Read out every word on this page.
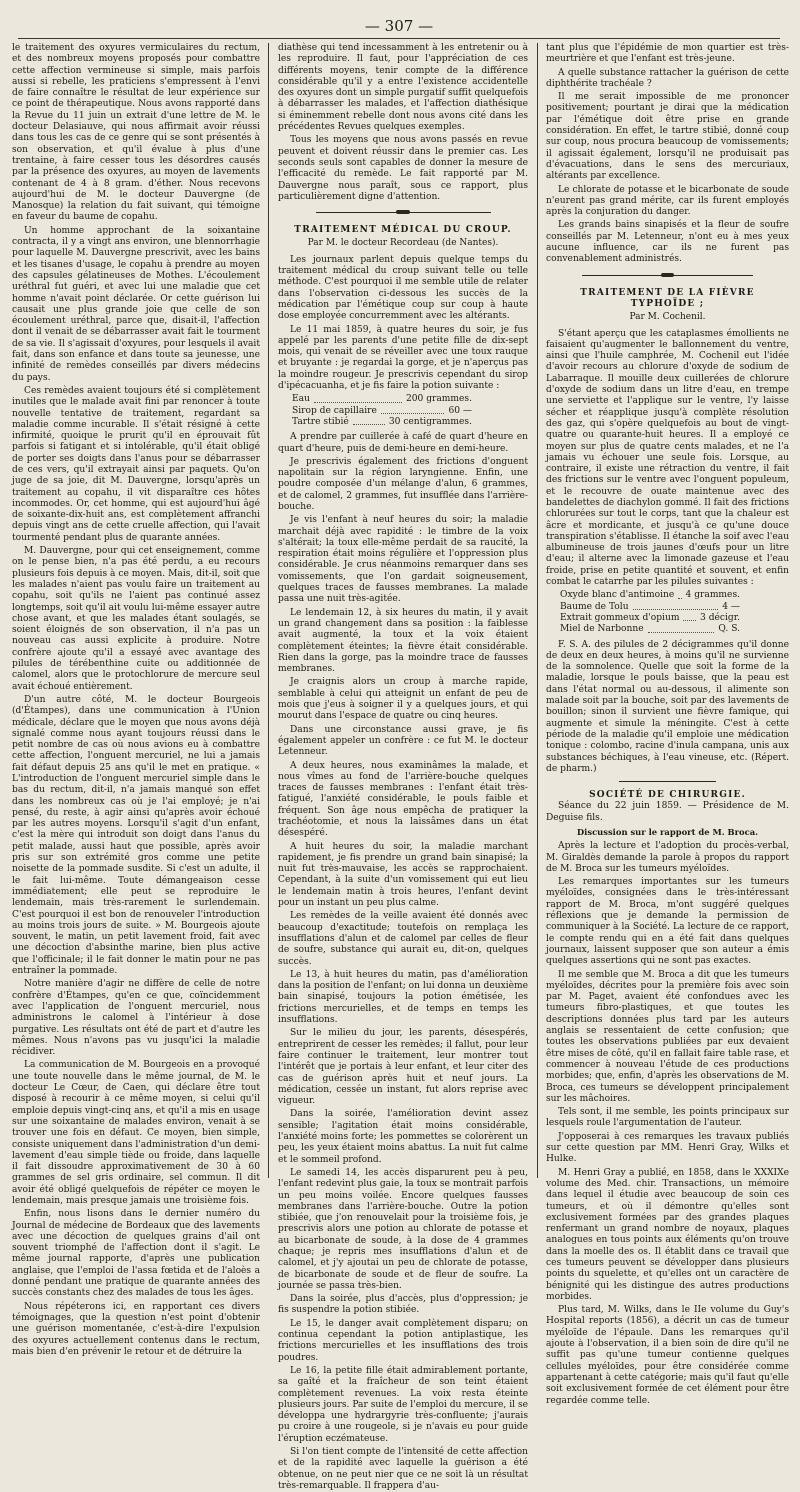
— 307 —

le traitement des oxyures vermiculaires du rectum, et des nombreux moyens proposés pour combattre cette affection vermineuse si simple, mais parfois aussi si rebelle, les praticiens s'empressent à l'envi de faire connaître le résultat de leur expérience sur ce point de thérapeutique. Nous avons rapporté dans la Revue du 11 juin un extrait d'une lettre de M. le docteur Delasiauve, qui nous affirmait avoir réussi dans tous les cas de ce genre qui se sont présentés à son observation, et qu'il évalue à plus d'une trentaine, à faire cesser tous les désordres causés par la présence des oxyures, au moyen de lavements contenant de 4 à 8 gram. d'éther. Nous recevons aujourd'hui de M. le docteur Dauvergne (de Manosque) la relation du fait suivant, qui témoigne en faveur du baume de copahu.

Un homme approchant de la soixantaine contracta, il y a vingt ans environ, une blennorrhagie pour laquelle M. Dauvergne prescrivit, avec les bains et les tisanes d'usage, le copahu à prendre au moyen des capsules gélatineuses de Mothes. L'écoulement uréthral fut guéri, et avec lui une maladie que cet homme n'avait point déclarée. Or cette guérison lui causait une plus grande joie que celle de son écoulement uréthral, parce que, disait-il, l'affection dont il venait de se débarrasser avait fait le tourment de sa vie. Il s'agissait d'oxyures, pour lesquels il avait fait, dans son enfance et dans toute sa jeunesse, une infinité de remèdes conseillés par divers médecins du pays.

Ces remèdes avaient toujours été si complètement inutiles que le malade avait fini par renoncer à toute nouvelle tentative de traitement, regardant sa maladie comme incurable. Il s'était résigné à cette infirmité, quoique le prurit qu'il en éprouvait fût parfois si fatigant et si intolérable, qu'il était obligé de porter ses doigts dans l'anus pour se débarrasser de ces vers, qu'il extrayait ainsi par paquets. Qu'on juge de sa joie, dit M. Dauvergne, lorsqu'après un traitement au copahu, il vit disparaître ces hôtes incommodes. Or, cet homme, qui est aujourd'hui âgé de soixante-dix-huit ans, est complètement affranchi depuis vingt ans de cette cruelle affection, qui l'avait tourmenté pendant plus de quarante années.

M. Dauvergne, pour qui cet enseignement, comme on le pense bien, n'a pas été perdu, a eu recours plusieurs fois depuis à ce moyen. Mais, dit-il, soit que les malades n'aient pas voulu faire un traitement au copahu, soit qu'ils ne l'aient pas continué assez longtemps, soit qu'il ait voulu lui-même essayer autre chose avant, et que les malades étant soulagés, se soient éloignés de son observation, il n'a pas un nouveau cas aussi explicite à produire. Notre confrère ajoute qu'il a essayé avec avantage des pilules de térébenthine cuite ou additionnée de calomel, alors que le protochlorure de mercure seul avait échoué entièrement.

D'un autre côté, M. le docteur Bourgeois (d'Étampes), dans une communication à l'Union médicale, déclare que le moyen que nous avons déjà signalé comme nous ayant toujours réussi dans le petit nombre de cas où nous avions eu à combattre cette affection, l'onguent mercuriel, ne lui a jamais fait défaut depuis 25 ans qu'il le met en pratique. « L'introduction de l'onguent mercuriel simple dans le bas du rectum, dit-il, n'a jamais manqué son effet dans les nombreux cas où je l'ai employé; je n'ai pensé, du reste, à agir ainsi qu'après avoir échoué par les autres moyens. Lorsqu'il s'agit d'un enfant, c'est la mère qui introduit son doigt dans l'anus du petit malade, aussi haut que possible, après avoir pris sur son extrémité gros comme une petite noisette de la pommade susdite. Si c'est un adulte, il le fait lui-même. Toute démangeaison cesse immédiatement; elle peut se reproduire le lendemain, mais très-rarement le surlendemain. C'est pourquoi il est bon de renouveler l'introduction au moins trois jours de suite. » M. Bourgeois ajoute souvent, le matin, un petit lavement froid, fait avec une décoction d'absinthe marine, bien plus active que l'officinale; il le fait donner le matin pour ne pas entraîner la pommade.

Notre manière d'agir ne diffère de celle de notre confrère d'Étampes, qu'en ce que, coïncidemment avec l'application de l'onguent mercuriel, nous administrons le calomel à l'intérieur à dose purgative. Les résultats ont été de part et d'autre les mêmes. Nous n'avons pas vu jusqu'ici la maladie récidiver.

La communication de M. Bourgeois en a provoqué une toute nouvelle dans le même journal, de M. le docteur Le Cœur, de Caen, qui déclare être tout disposé à recourir à ce même moyen, si celui qu'il emploie depuis vingt-cinq ans, et qu'il a mis en usage sur une soixantaine de malades environ, venait à se trouver une fois en défaut. Ce moyen, bien simple, consiste uniquement dans l'administration d'un demi-lavement d'eau simple tiède ou froide, dans laquelle il fait dissoudre approximativement de 30 à 60 grammes de sel gris ordinaire, sel commun. Il dit avoir été obligé quelquefois de répéter ce moyen le lendemain, mais presque jamais une troisième fois.

Enfin, nous lisons dans le dernier numéro du Journal de médecine de Bordeaux que des lavements avec une décoction de quelques grains d'ail ont souvent triomphé de l'affection dont il s'agit. Le même journal rapporte, d'après une publication anglaise, que l'emploi de l'assa fœtida et de l'aloès a donné pendant une pratique de quarante années des succès constants chez des malades de tous les âges.

Nous répéterons ici, en rapportant ces divers témoignages, que la question n'est point d'obtenir une guérison momentanée, c'est-à-dire l'expulsion des oxyures actuellement contenus dans le rectum, mais bien d'en prévenir le retour et de détruire la

diathèse qui tend incessamment à les entretenir ou à les reproduire. Il faut, pour l'appréciation de ces différents moyens, tenir compte de la différence considérable qu'il y a entre l'existence accidentelle des oxyures dont un simple purgatif suffit quelquefois à débarrasser les malades, et l'affection diathésique si éminemment rebelle dont nous avons cité dans les précédentes Revues quelques exemples.

Tous les moyens que nous avons passés en revue peuvent et doivent réussir dans le premier cas. Les seconds seuls sont capables de donner la mesure de l'efficacité du remède. Le fait rapporté par M. Dauvergne nous paraît, sous ce rapport, plus particulièrement digne d'attention.

TRAITEMENT MÉDICAL DU CROUP.
Par M. le docteur Recordeau (de Nantes).

Les journaux parlent depuis quelque temps du traitement médical du croup suivant telle ou telle méthode. C'est pourquoi il me semble utile de relater dans l'observation ci-dessous les succès de la médication par l'émétique coup sur coup à haute dose employée concurremment avec les altérants.

Le 11 mai 1859, à quatre heures du soir, je fus appelé par les parents d'une petite fille de dix-sept mois, qui venait de se réveiller avec une toux rauque et bruyante : je regardai la gorge, et je n'aperçus pas la moindre rougeur. Je prescrivis cependant du sirop d'ipécacuanha, et je fis faire la potion suivante :

Eau	200 grammes.
Sirop de capillaire	60 —
Tartre stibié	30 centigrammes.

A prendre par cuillerée à café de quart d'heure en quart d'heure, puis de demi-heure en demi-heure.

Je prescrivis également des frictions d'onguent napolitain sur la région laryngienne. Enfin, une poudre composée d'un mélange d'alun, 6 grammes, et de calomel, 2 grammes, fut insufflée dans l'arrière-bouche.

Je vis l'enfant à neuf heures du soir; la maladie marchait déjà avec rapidité : le timbre de la voix s'altérait; la toux elle-même perdait de sa raucité, la respiration était moins régulière et l'oppression plus considérable. Je crus néanmoins remarquer dans ses vomissements, que l'on gardait soigneusement, quelques traces de fausses membranes. La malade passa une nuit très-agitée.

Le lendemain 12, à six heures du matin, il y avait un grand changement dans sa position : la faiblesse avait augmenté, la toux et la voix étaient complètement éteintes; la fièvre était considérable. Rien dans la gorge, pas la moindre trace de fausses membranes.

Je craignis alors un croup à marche rapide, semblable à celui qui atteignit un enfant de peu de mois que j'eus à soigner il y a quelques jours, et qui mourut dans l'espace de quatre ou cinq heures.

Dans une circonstance aussi grave, je fis également appeler un confrère : ce fut M. le docteur Letenneur.

A deux heures, nous examinâmes la malade, et nous vîmes au fond de l'arrière-bouche quelques traces de fausses membranes : l'enfant était très-fatigué, l'anxiété considérable, le pouls faible et fréquent. Son âge nous empêcha de pratiquer la trachéotomie, et nous la laissâmes dans un état désespéré.

A huit heures du soir, la maladie marchant rapidement, je fis prendre un grand bain sinapisé; la nuit fut très-mauvaise, les accès se rapprochaient. Cependant, à la suite d'un vomissement qui eut lieu le lendemain matin à trois heures, l'enfant devint pour un instant un peu plus calme.

Les remèdes de la veille avaient été donnés avec beaucoup d'exactitude; toutefois on remplaça les insufflations d'alun et de calomel par celles de fleur de soufre, substance qui aurait eu, dit-on, quelques succès.

Le 13, à huit heures du matin, pas d'amélioration dans la position de l'enfant; on lui donna un deuxième bain sinapisé, toujours la potion émétisée, les frictions mercurielles, et de temps en temps les insufflations.

Sur le milieu du jour, les parents, désespérés, entreprirent de cesser les remèdes; il fallut, pour leur faire continuer le traitement, leur montrer tout l'intérêt que je portais à leur enfant, et leur citer des cas de guérison après huit et neuf jours. La médication, cessée un instant, fut alors reprise avec vigueur.

Dans la soirée, l'amélioration devint assez sensible; l'agitation était moins considérable, l'anxiété moins forte; les pommettes se colorèrent un peu, les yeux étaient moins abattus. La nuit fut calme et le sommeil profond.

Le samedi 14, les accès disparurent peu à peu, l'enfant redevint plus gaie, la toux se montrait parfois un peu moins voilée. Encore quelques fausses membranes dans l'arrière-bouche. Outre la potion stibiée, que j'on renouvelait pour la troisième fois, je prescrivis alors une potion au chlorate de potasse et au bicarbonate de soude, à la dose de 4 grammes chaque; je repris mes insufflations d'alun et de calomel, et j'y ajoutai un peu de chlorate de potasse, de bicarbonate de soude et de fleur de soufre. La journée se passa très-bien.

Dans la soirée, plus d'accès, plus d'oppression; je fis suspendre la potion stibiée.

Le 15, le danger avait complètement disparu; on continua cependant la potion antiplastique, les frictions mercurielles et les insufflations des trois poudres.

Le 16, la petite fille était admirablement portante, sa gaîté et la fraîcheur de son teint étaient complètement revenues. La voix resta éteinte plusieurs jours. Par suite de l'emploi du mercure, il se développa une hydrargyrie très-confluente; j'aurais pu croire à une rougeole, si je n'avais eu pour guide l'éruption eczémateuse.

Si l'on tient compte de l'intensité de cette affection et de la rapidité avec laquelle la guérison a été obtenue, on ne peut nier que ce ne soit là un résultat très-remarquable. Il frappera d'au-

tant plus que l'épidémie de mon quartier est très-meurtrière et que l'enfant est très-jeune.

A quelle substance rattacher la guérison de cette diphthérite trachéale ?

Il me serait impossible de me prononcer positivement; pourtant je dirai que la médication par l'émétique doit être prise en grande considération. En effet, le tartre stibié, donné coup sur coup, nous procura beaucoup de vomissements; il agissait également, lorsqu'il ne produisait pas d'évacuations, dans le sens des mercuriaux, altérants par excellence.

Le chlorate de potasse et le bicarbonate de soude n'eurent pas grand mérite, car ils furent employés après la conjuration du danger.

Les grands bains sinapisés et la fleur de soufre conseillés par M. Letenneur, n'ont eu à mes yeux aucune influence, car ils ne furent pas convenablement administrés.

TRAITEMENT DE LA FIÈVRE TYPHOÏDE ;
Par M. Cochenil.

S'étant aperçu que les cataplasmes émollients ne faisaient qu'augmenter le ballonnement du ventre, ainsi que l'huile camphrée, M. Cochenil eut l'idée d'avoir recours au chlorure d'oxyde de sodium de Labarraque. Il mouille deux cuillerées de chlorure d'oxyde de sodium dans un litre d'eau, en trempe une serviette et l'applique sur le ventre, l'y laisse sécher et réapplique jusqu'à complète résolution des gaz, qui s'opère quelquefois au bout de vingt-quatre ou quarante-huit heures. Il a employé ce moyen sur plus de quatre cents malades, et ne l'a jamais vu échouer une seule fois. Lorsque, au contraire, il existe une rétraction du ventre, il fait des frictions sur le ventre avec l'onguent populeum, et le recouvre de ouate maintenue avec des bandelettes de diachylon gommé. Il fait des frictions chlorurées sur tout le corps, tant que la chaleur est âcre et mordicante, et jusqu'à ce qu'une douce transpiration s'établisse. Il étanche la soif avec l'eau albumineuse de trois jaunes d'œufs pour un litre d'eau; il alterne avec la limonade gazeuse et l'eau froide, prise en petite quantité et souvent, et enfin combat le catarrhe par les pilules suivantes :

Oxyde blanc d'antimoine 4 grammes.
Baume de Tolu	4 —
Extrait gommeux d'opium 3 décigr.
Miel de Narbonne	Q. S.

F. S. A. des pilules de 2 décigrammes qu'il donne de deux en deux heures, à moins qu'il ne survienne de la somnolence. Quelle que soit la forme de la maladie, lorsque le pouls baisse, que la peau est dans l'état normal ou au-dessous, il alimente son malade soit par la bouche, soit par des lavements de bouillon; sinon il survient une fièvre famique, qui augmente et simule la méningite. C'est à cette période de la maladie qu'il emploie une médication tonique : colombo, racine d'inula campana, unis aux substances béchiques, à l'eau vineuse, etc. (Répert. de pharm.)

SOCIÉTÉ DE CHIRURGIE.
Séance du 22 juin 1859. — Présidence de M. Deguise fils.
Discussion sur le rapport de M. Broca.

Après la lecture et l'adoption du procès-verbal, M. Giraldès demande la parole à propos du rapport de M. Broca sur les tumeurs myéloïdes.

Les remarques importantes sur les tumeurs myéloïdes, consignées dans le très-intéressant rapport de M. Broca, m'ont suggéré quelques réflexions que je demande la permission de communiquer à la Société. La lecture de ce rapport, le compte rendu qui en a été fait dans quelques journaux, laissent supposer que son auteur a émis quelques assertions qui ne sont pas exactes.

Il me semble que M. Broca a dit que les tumeurs myéloïdes, décrites pour la première fois avec soin par M. Paget, avaient été confondues avec les tumeurs fibro-plastiques, et que toutes les descriptions données plus tard par les auteurs anglais se ressentaient de cette confusion; que toutes les observations publiées par eux devaient être mises de côté, qu'il en fallait faire table rase, et commencer à nouveau l'étude de ces productions morbides; que, enfin, d'après les observations de M. Broca, ces tumeurs se développent principalement sur les mâchoires.

Tels sont, il me semble, les points principaux sur lesquels roule l'argumentation de l'auteur.

J'opposerai à ces remarques les travaux publiés sur cette question par MM. Henri Gray, Wilks et Hulke.

M. Henri Gray a publié, en 1858, dans le XXXIXe volume des Med. chir. Transactions, un mémoire dans lequel il étudie avec beaucoup de soin ces tumeurs, et où il démontre qu'elles sont exclusivement formées par des grandes plaques renfermant un grand nombre de noyaux, plaques analogues en tous points aux éléments qu'on trouve dans la moelle des os. Il établit dans ce travail que ces tumeurs peuvent se développer dans plusieurs points du squelette, et qu'elles ont un caractère de bénignité qui les distingue des autres productions morbides.

Plus tard, M. Wilks, dans le IIe volume du Guy's Hospital reports (1856), a décrit un cas de tumeur myéloïde de l'épaule. Dans les remarques qu'il ajoute à l'observation, il a bien soin de dire qu'il ne suffit pas qu'une tumeur contienne quelques cellules myéloïdes, pour être considérée comme appartenant à cette catégorie; mais qu'il faut qu'elle soit exclusivement formée de cet élément pour être regardée comme telle.
